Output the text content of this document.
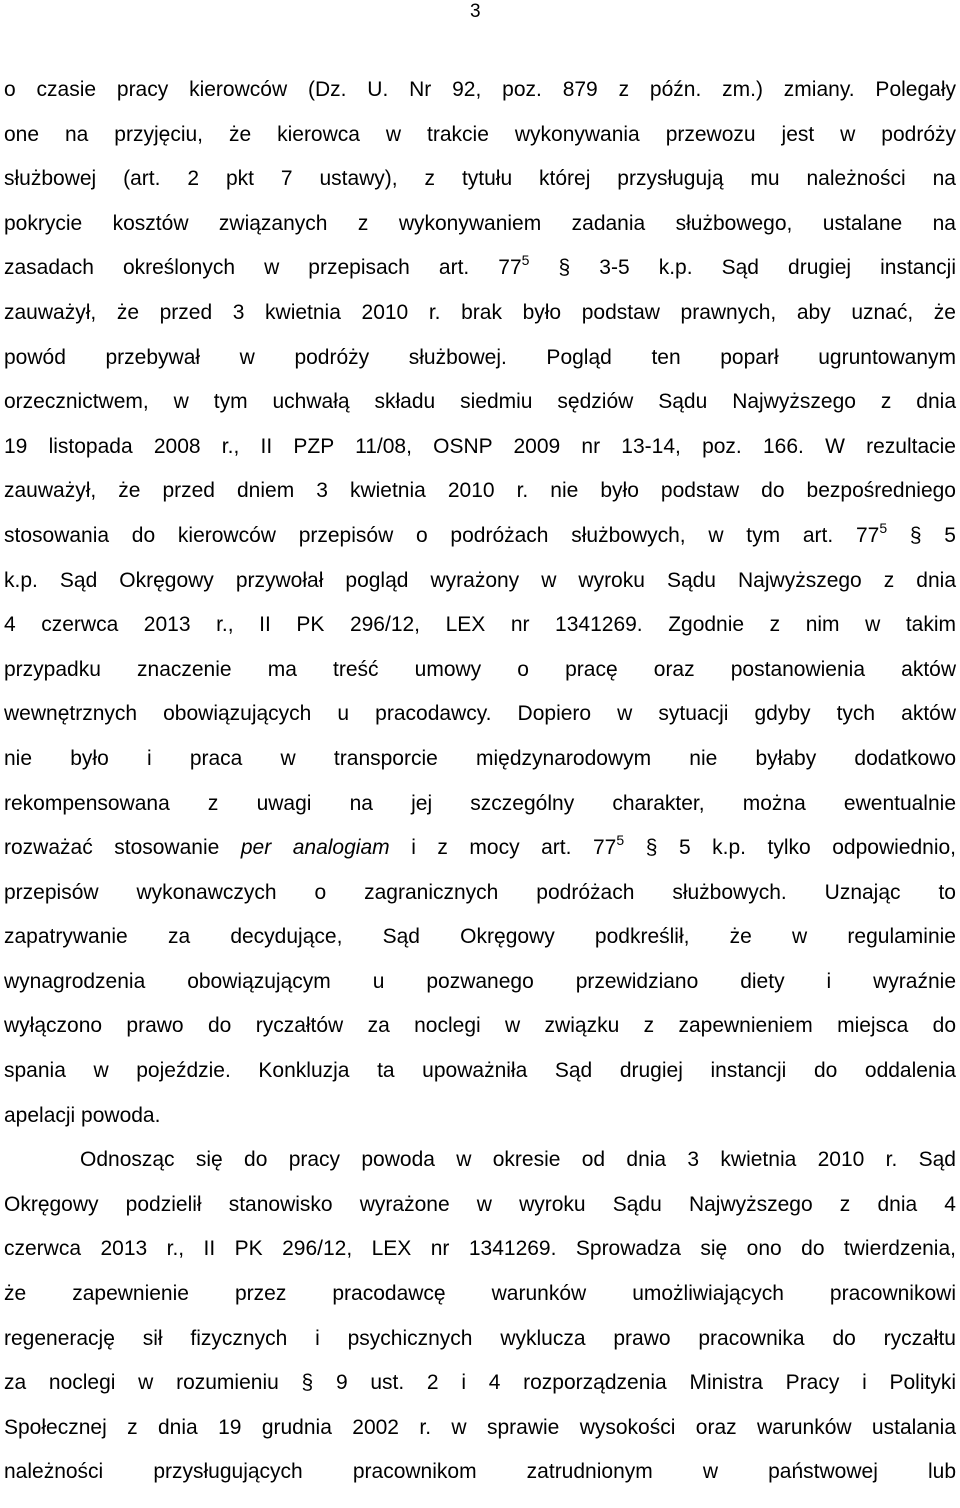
3
o czasie pracy kierowców (Dz. U. Nr 92, poz. 879 z późn. zm.) zmiany. Polegały
one na przyjęciu, że kierowca w trakcie wykonywania przewozu jest w podróży
służbowej (art. 2 pkt 7 ustawy), z tytułu której przysługują mu należności na
pokrycie kosztów związanych z wykonywaniem zadania służbowego, ustalane na
zasadach określonych w przepisach art. $77^5$ § 3-5 k.p. Sąd drugiej instancji
zauważył, że przed 3 kwietnia 2010 r. brak było podstaw prawnych, aby uznać, że
powód przebywał w podróży służbowej. Pogląd ten poparł ugruntowanym
orzecznictwem, w tym uchwałą składu siedmiu sędziów Sądu Najwyższego z dnia
19 listopada 2008 r., II PZP 11/08, OSNP 2009 nr 13-14, poz. 166. W rezultacie
zauważył, że przed dniem 3 kwietnia 2010 r. nie było podstaw do bezpośredniego
stosowania do kierowców przepisów o podróżach służbowych, w tym art. $77^5$ § 5
k.p. Sąd Okręgowy przywołał pogląd wyrażony w wyroku Sądu Najwyższego z dnia
4 czerwca 2013 r., II PK 296/12, LEX nr 1341269. Zgodnie z nim w takim
przypadku znaczenie ma treść umowy o pracę oraz postanowienia aktów
wewnętrznych obowiązujących u pracodawcy. Dopiero w sytuacji gdyby tych aktów
nie było i praca w transporcie międzynarodowym nie byłaby dodatkowo
rekompensowana z uwagi na jej szczególny charakter, można ewentualnie
rozważać stosowanie per analogiam i z mocy art. $77^5$ § 5 k.p. tylko odpowiednio,
przepisów wykonawczych o zagranicznych podróżach służbowych. Uznając to
zapatrywanie za decydujące, Sąd Okręgowy podkreślił, że w regulaminie
wynagrodzenia obowiązującym u pozwanego przewidziano diety i wyraźnie
wyłączono prawo do ryczałtów za noclegi w związku z zapewnieniem miejsca do
spania w pojeździe. Konkluzja ta upoważniła Sąd drugiej instancji do oddalenia
apelacji powoda.
Odnosząc się do pracy powoda w okresie od dnia 3 kwietnia 2010 r. Sąd
Okręgowy podzielił stanowisko wyrażone w wyroku Sądu Najwyższego z dnia 4
czerwca 2013 r., II PK 296/12, LEX nr 1341269. Sprowadza się ono do twierdzenia,
że zapewnienie przez pracodawcę warunków umożliwiających pracownikowi
regenerację sił fizycznych i psychicznych wyklucza prawo pracownika do ryczałtu
za noclegi w rozumieniu § 9 ust. 2 i 4 rozporządzenia Ministra Pracy i Polityki
Społecznej z dnia 19 grudnia 2002 r. w sprawie wysokości oraz warunków ustalania
należności przysługujących pracownikom zatrudnionym w państwowej lub
